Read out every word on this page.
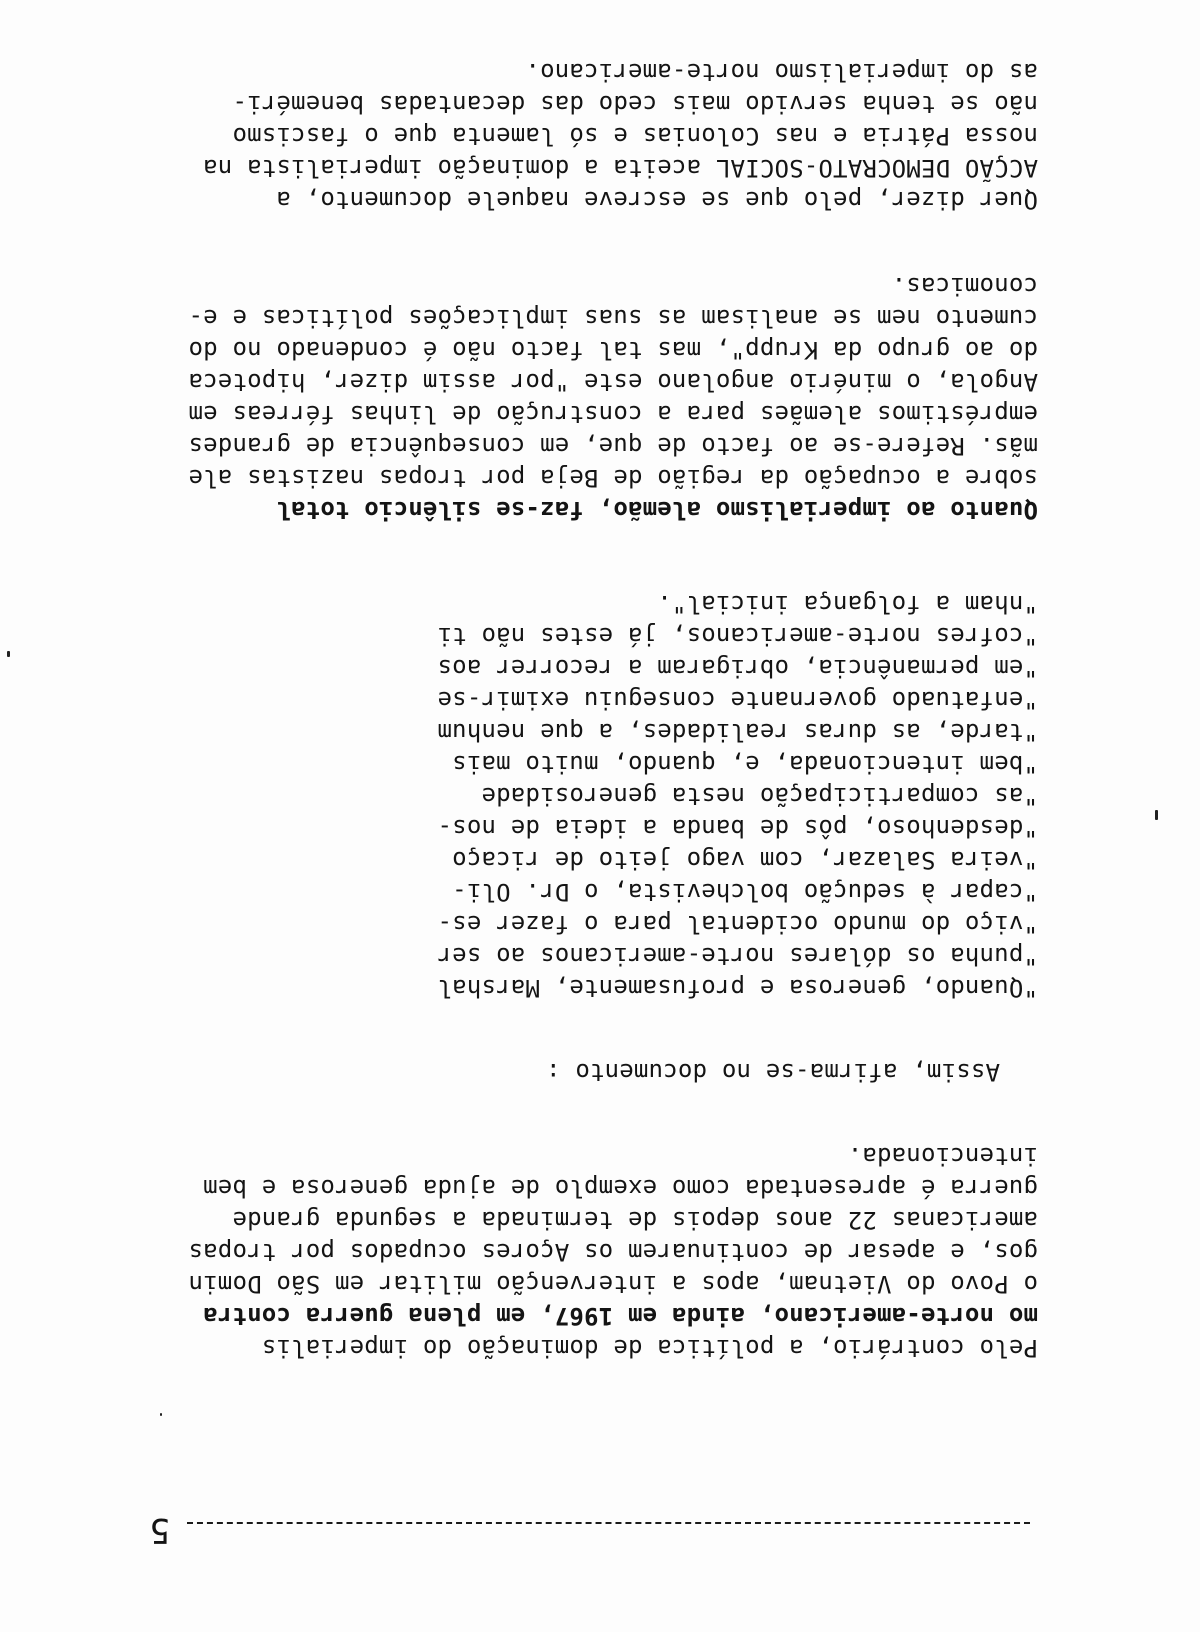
5
as do imperialismo norte-americano.
não se tenha servido mais cedo das decantadas beneméri-
nossa Pátria e nas Colonias e só lamenta que o fascismo
ACÇÃO DEMOCRATO-SOCIAL aceita a dominação imperialista na
Quer dizer, pelo que se escreve naquele documento, a
conomicas.
cumento nem se analisam as suas implicações políticas e e-
do ao grupo da Krupp", mas tal facto não é condenado no do
Angola, o minério angolano este "por assim dizer, hipoteca
empréstimos alemães para a construção de linhas férreas em
mãs. Refere-se ao facto de que, em consequência de grandes
sobre a ocupação da região de Beja por tropas nazistas ale
Quanto ao imperialismo alemão, faz-se silêncio total
"nham a folgança inicial".
"cofres norte-americanos, já estes não ti
"em permanência, obrigaram a recorrer aos
"enfatuado governante conseguiu eximir-se
"tarde, as duras realidades, a que nenhum
"bem intencionada, e, quando, muito mais
"as comparticipação nesta generosidade
"desdenhoso, pôs de banda a ideia de nos-
"veira Salazar, com vago jeito de ricaço
"capar à sedução bolchevista, o Dr. Oli-
"viço do mundo ocidental para o fazer es-
"punha os dólares norte-americanos ao ser
"Quando, generosa e profusamente, Marshal
Assim, afirma-se no documento :
intencionada.
guerra é apresentada como exemplo de ajuda generosa e bem
americanas 22 anos depois de terminada a segunda grande
gos, e apesar de continuarem os Açores ocupados por tropas
o Povo do Vietnam, apos a intervenção militar em São Domin
mo norte-americano, ainda em 1967, em plena guerra contra
Pelo contrário, a política de dominação do imperialis
